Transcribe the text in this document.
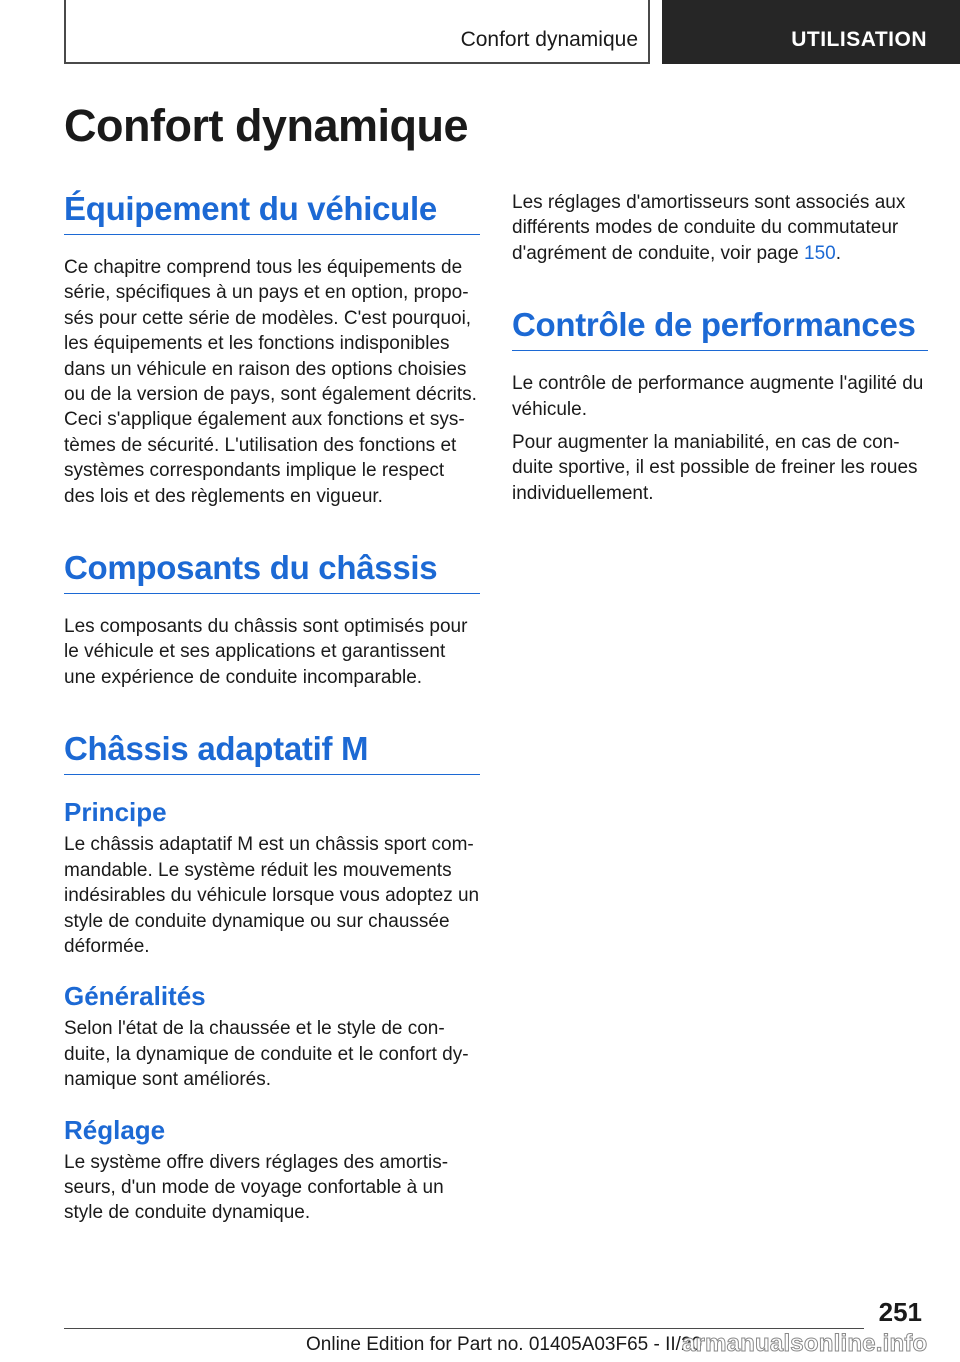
Confort dynamique	UTILISATION
Confort dynamique
Équipement du véhicule

Ce chapitre comprend tous les équipements de série, spécifiques à un pays et en option, proposés pour cette série de modèles. C'est pourquoi, les équipements et les fonctions indisponibles dans un véhicule en raison des options choisies ou de la version de pays, sont également décrits. Ceci s'applique également aux fonctions et systèmes de sécurité. L'utilisation des fonctions et systèmes correspondants implique le respect des lois et des règlements en vigueur.

Composants du châssis

Les composants du châssis sont optimisés pour le véhicule et ses applications et garantissent une expérience de conduite incomparable.

Châssis adaptatif M
Principe

Le châssis adaptatif M est un châssis sport commandable. Le système réduit les mouvements indésirables du véhicule lorsque vous adoptez un style de conduite dynamique ou sur chaussée déformée.

Généralités

Selon l'état de la chaussée et le style de conduite, la dynamique de conduite et le confort dynamique sont améliorés.

Réglage

Le système offre divers réglages des amortisseurs, d'un mode de voyage confortable à un style de conduite dynamique.

Les réglages d'amortisseurs sont associés aux différents modes de conduite du commutateur d'agrément de conduite, voir page 150.

Contrôle de performances

Le contrôle de performance augmente l'agilité du véhicule.

Pour augmenter la maniabilité, en cas de conduite sportive, il est possible de freiner les roues individuellement.

251
Online Edition for Part no. 01405A03F65 - II/20
armanualsonline.info
